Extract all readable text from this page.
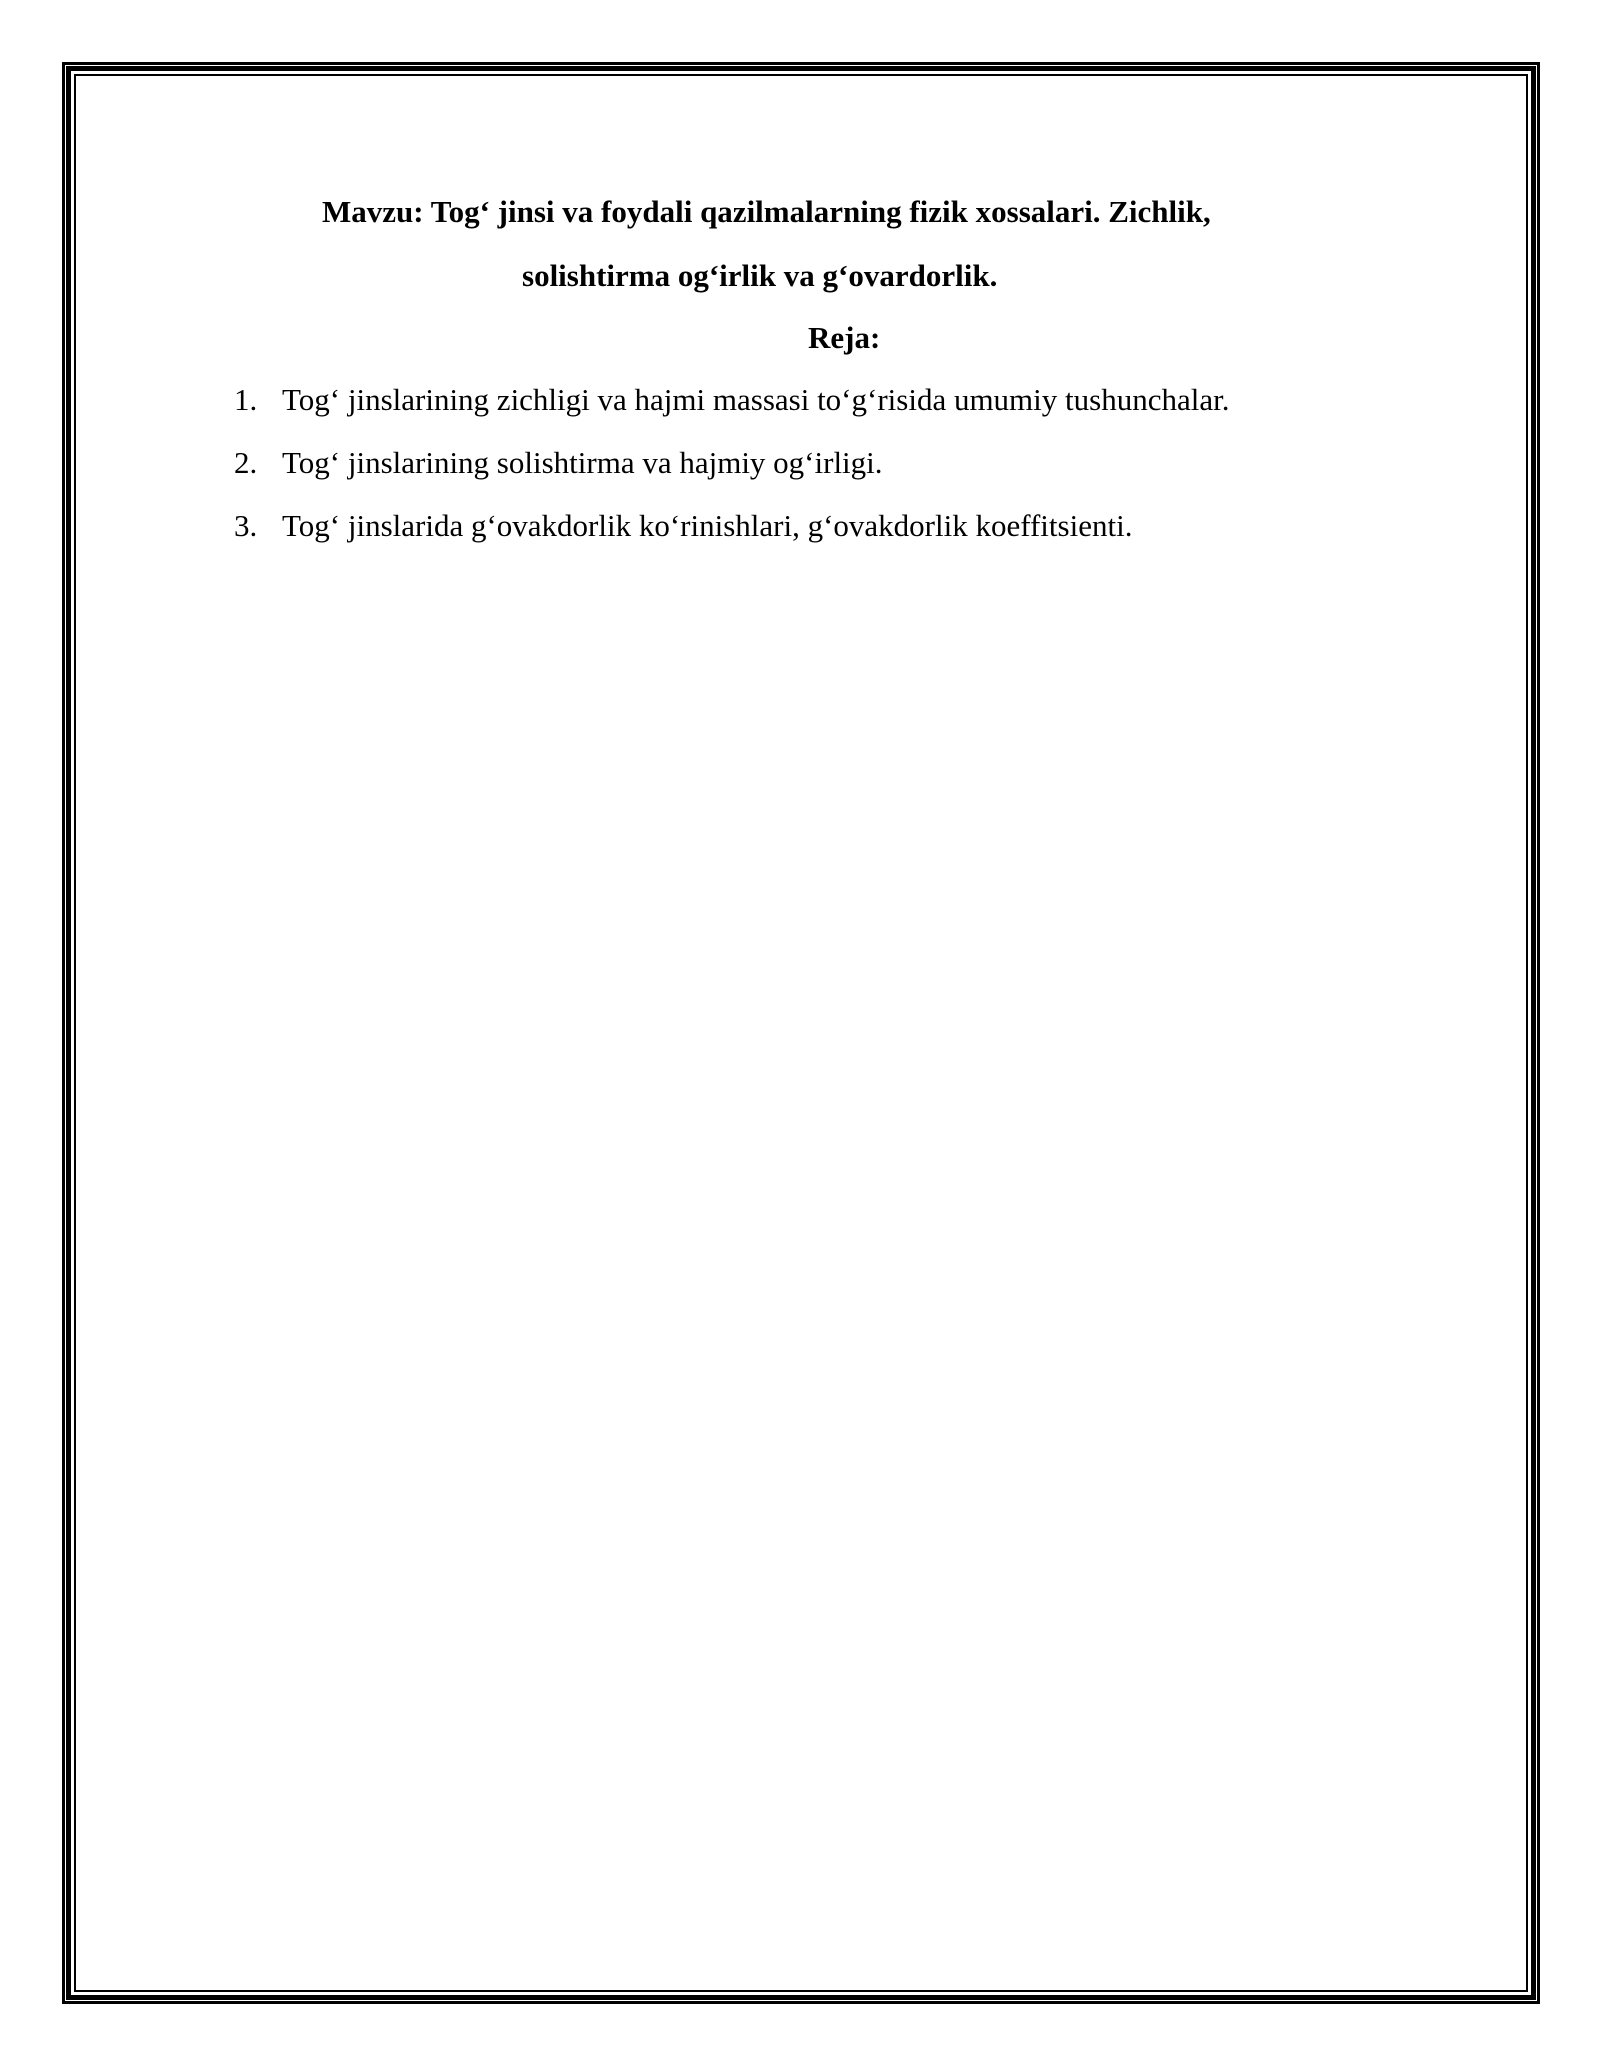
Mavzu: Tog‘ jinsi va foydali qazilmalarning fizik xossalari. Zichlik,
solishtirma og‘irlik va g‘ovardorlik.
Reja:
1. Tog‘ jinslarining zichligi va hajmi massasi to‘g‘risida umumiy tushunchalar.
2. Tog‘ jinslarining solishtirma va hajmiy og‘irligi.
3. Tog‘ jinslarida g‘ovakdorlik ko‘rinishlari, g‘ovakdorlik koeffitsienti.
